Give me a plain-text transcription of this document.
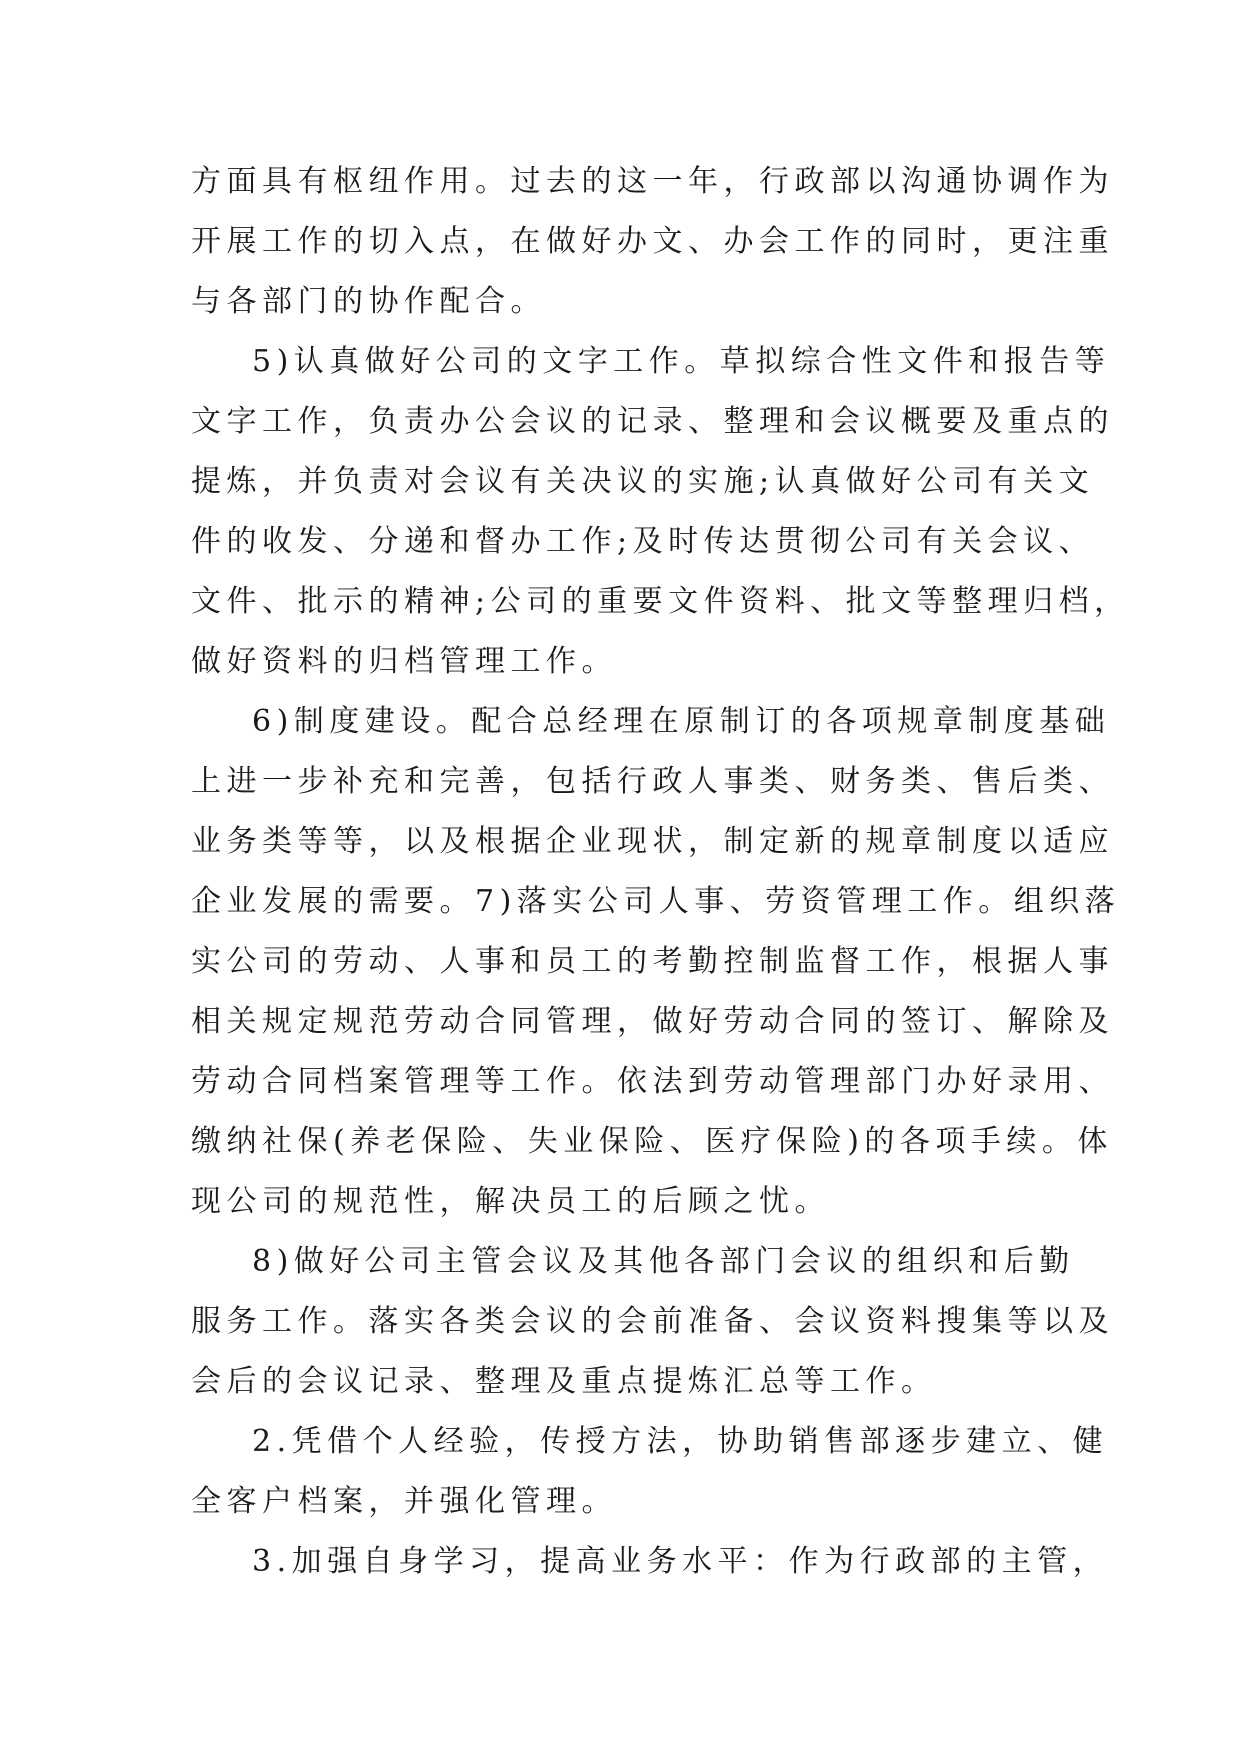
方面具有枢纽作用。过去的这一年，行政部以沟通协调作为
开展工作的切入点，在做好办文、办会工作的同时，更注重
与各部门的协作配合。
5)认真做好公司的文字工作。草拟综合性文件和报告等
文字工作，负责办公会议的记录、整理和会议概要及重点的
提炼，并负责对会议有关决议的实施;认真做好公司有关文
件的收发、分递和督办工作;及时传达贯彻公司有关会议、
文件、批示的精神;公司的重要文件资料、批文等整理归档，
做好资料的归档管理工作。
6)制度建设。配合总经理在原制订的各项规章制度基础
上进一步补充和完善，包括行政人事类、财务类、售后类、
业务类等等，以及根据企业现状，制定新的规章制度以适应
企业发展的需要。7)落实公司人事、劳资管理工作。组织落
实公司的劳动、人事和员工的考勤控制监督工作，根据人事
相关规定规范劳动合同管理，做好劳动合同的签订、解除及
劳动合同档案管理等工作。依法到劳动管理部门办好录用、
缴纳社保(养老保险、失业保险、医疗保险)的各项手续。体
现公司的规范性，解决员工的后顾之忧。
8)做好公司主管会议及其他各部门会议的组织和后勤
服务工作。落实各类会议的会前准备、会议资料搜集等以及
会后的会议记录、整理及重点提炼汇总等工作。
2.凭借个人经验，传授方法，协助销售部逐步建立、健
全客户档案，并强化管理。
3.加强自身学习，提高业务水平：作为行政部的主管，
